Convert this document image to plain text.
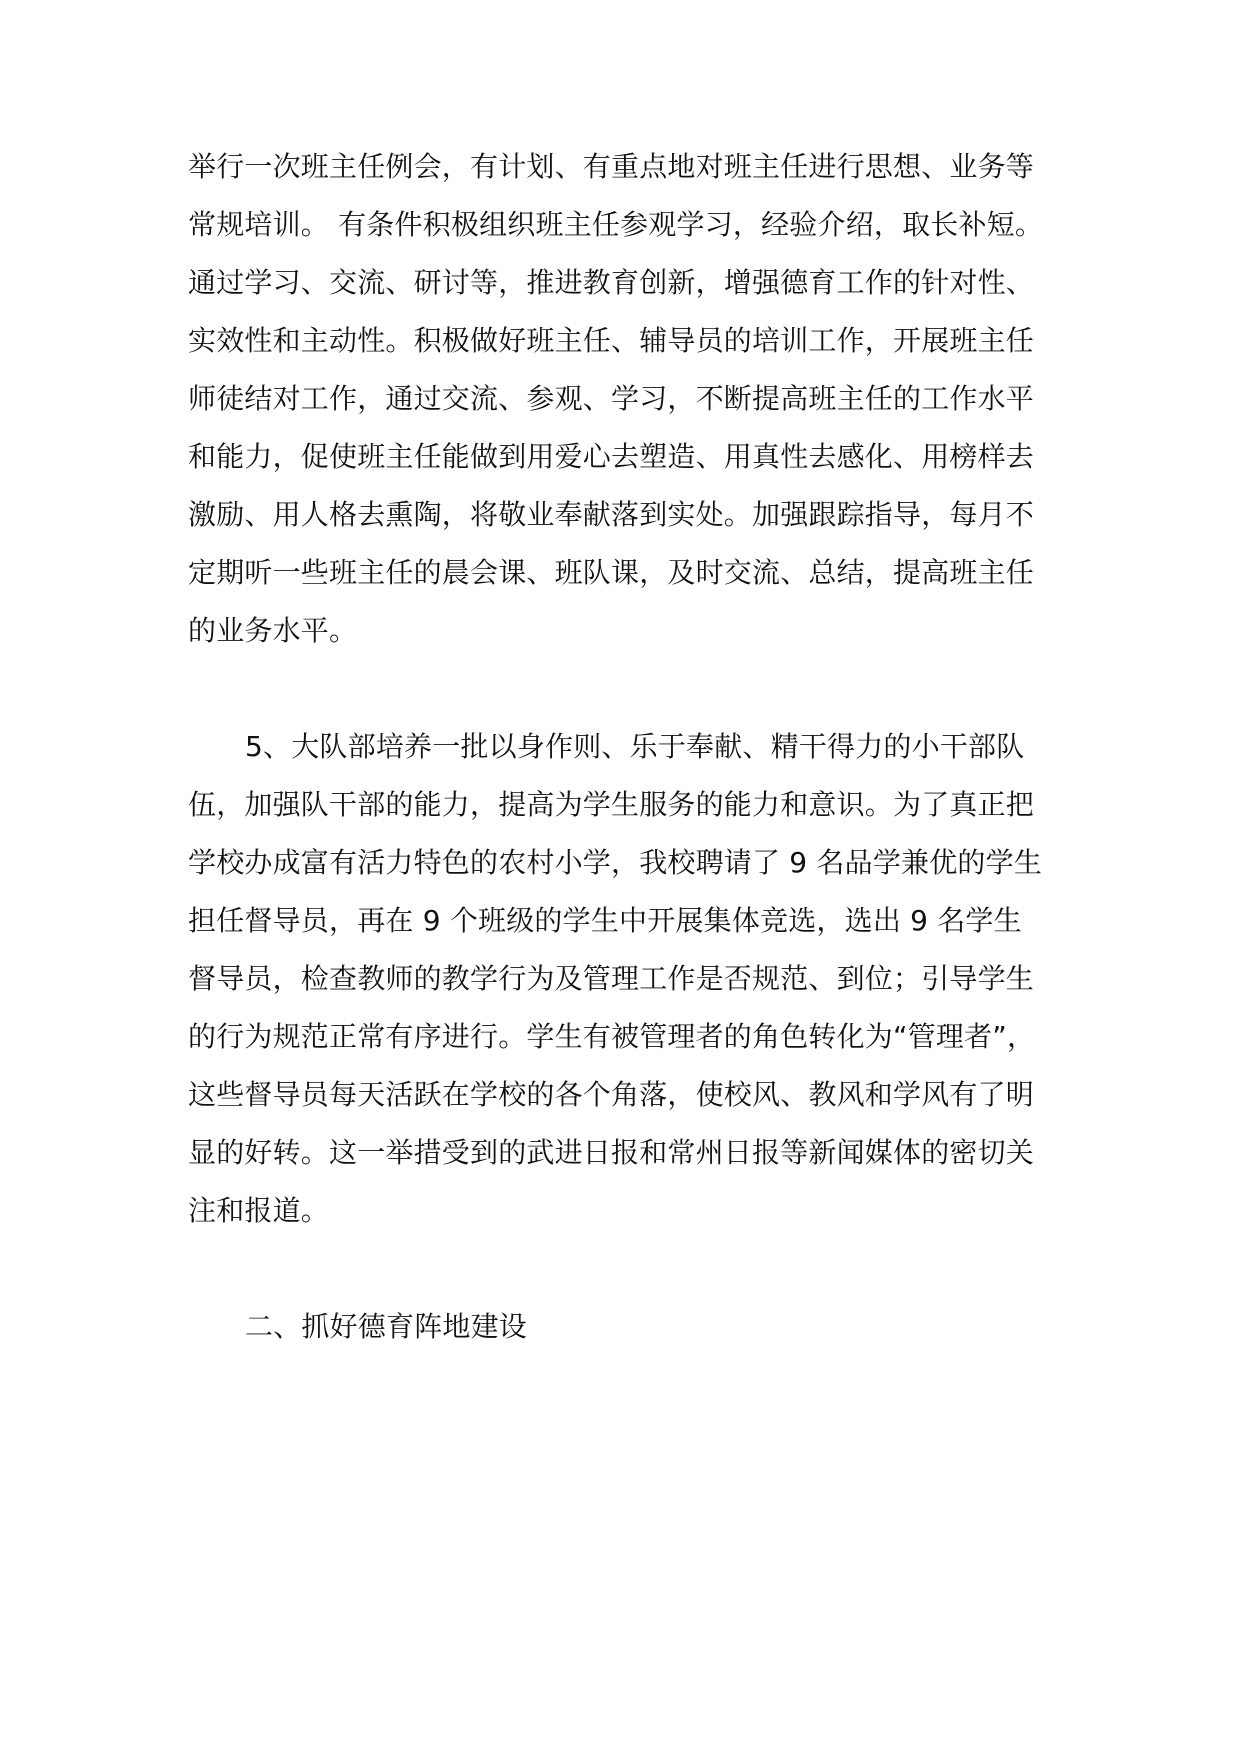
举行一次班主任例会，有计划、有重点地对班主任进行思想、业务等
常规培训。 有条件积极组织班主任参观学习，经验介绍，取长补短。
通过学习、交流、研讨等，推进教育创新，增强德育工作的针对性、
实效性和主动性。积极做好班主任、辅导员的培训工作，开展班主任
师徒结对工作，通过交流、参观、学习，不断提高班主任的工作水平
和能力，促使班主任能做到用爱心去塑造、用真性去感化、用榜样去
激励、用人格去熏陶，将敬业奉献落到实处。加强跟踪指导，每月不
定期听一些班主任的晨会课、班队课，及时交流、总结，提高班主任
的业务水平。
5、大队部培养一批以身作则、乐于奉献、精干得力的小干部队
伍，加强队干部的能力，提高为学生服务的能力和意识。为了真正把
学校办成富有活力特色的农村小学，我校聘请了 9 名品学兼优的学生
担任督导员，再在 9 个班级的学生中开展集体竞选，选出 9 名学生
督导员，检查教师的教学行为及管理工作是否规范、到位；引导学生
的行为规范正常有序进行。学生有被管理者的角色转化为“管理者”，
这些督导员每天活跃在学校的各个角落，使校风、教风和学风有了明
显的好转。这一举措受到的武进日报和常州日报等新闻媒体的密切关
注和报道。
二、抓好德育阵地建设
